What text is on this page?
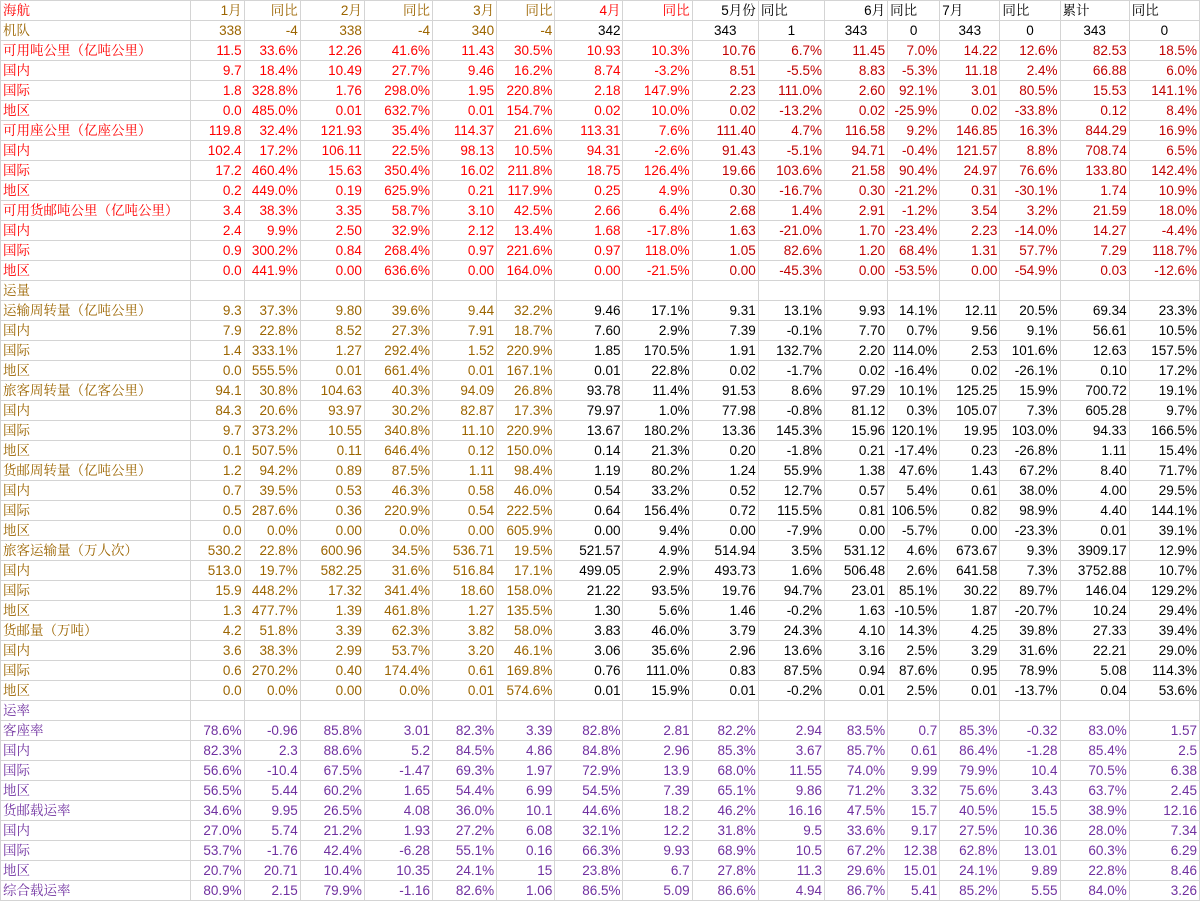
海航	1月	同比	2月	同比	3月	同比	4月	同比	5月份	同比	6月	同比	7月	同比	累计	同比
机队	338	-4	338	-4	340	-4	342		343	1	343	0	343	0	343	0
可用吨公里（亿吨公里）	11.5	33.6%	12.26	41.6%	11.43	30.5%	10.93	10.3%	10.76	6.7%	11.45	7.0%	14.22	12.6%	82.53	18.5%
国内	9.7	18.4%	10.49	27.7%	9.46	16.2%	8.74	-3.2%	8.51	-5.5%	8.83	-5.3%	11.18	2.4%	66.88	6.0%
国际	1.8	328.8%	1.76	298.0%	1.95	220.8%	2.18	147.9%	2.23	111.0%	2.60	92.1%	3.01	80.5%	15.53	141.1%
地区	0.0	485.0%	0.01	632.7%	0.01	154.7%	0.02	10.0%	0.02	-13.2%	0.02	-25.9%	0.02	-33.8%	0.12	8.4%
可用座公里（亿座公里）	119.8	32.4%	121.93	35.4%	114.37	21.6%	113.31	7.6%	111.40	4.7%	116.58	9.2%	146.85	16.3%	844.29	16.9%
国内	102.4	17.2%	106.11	22.5%	98.13	10.5%	94.31	-2.6%	91.43	-5.1%	94.71	-0.4%	121.57	8.8%	708.74	6.5%
国际	17.2	460.4%	15.63	350.4%	16.02	211.8%	18.75	126.4%	19.66	103.6%	21.58	90.4%	24.97	76.6%	133.80	142.4%
地区	0.2	449.0%	0.19	625.9%	0.21	117.9%	0.25	4.9%	0.30	-16.7%	0.30	-21.2%	0.31	-30.1%	1.74	10.9%
可用货邮吨公里（亿吨公里）	3.4	38.3%	3.35	58.7%	3.10	42.5%	2.66	6.4%	2.68	1.4%	2.91	-1.2%	3.54	3.2%	21.59	18.0%
国内	2.4	9.9%	2.50	32.9%	2.12	13.4%	1.68	-17.8%	1.63	-21.0%	1.70	-23.4%	2.23	-14.0%	14.27	-4.4%
国际	0.9	300.2%	0.84	268.4%	0.97	221.6%	0.97	118.0%	1.05	82.6%	1.20	68.4%	1.31	57.7%	7.29	118.7%
地区	0.0	441.9%	0.00	636.6%	0.00	164.0%	0.00	-21.5%	0.00	-45.3%	0.00	-53.5%	0.00	-54.9%	0.03	-12.6%
运量																
运输周转量（亿吨公里）	9.3	37.3%	9.80	39.6%	9.44	32.2%	9.46	17.1%	9.31	13.1%	9.93	14.1%	12.11	20.5%	69.34	23.3%
国内	7.9	22.8%	8.52	27.3%	7.91	18.7%	7.60	2.9%	7.39	-0.1%	7.70	0.7%	9.56	9.1%	56.61	10.5%
国际	1.4	333.1%	1.27	292.4%	1.52	220.9%	1.85	170.5%	1.91	132.7%	2.20	114.0%	2.53	101.6%	12.63	157.5%
地区	0.0	555.5%	0.01	661.4%	0.01	167.1%	0.01	22.8%	0.02	-1.7%	0.02	-16.4%	0.02	-26.1%	0.10	17.2%
旅客周转量（亿客公里）	94.1	30.8%	104.63	40.3%	94.09	26.8%	93.78	11.4%	91.53	8.6%	97.29	10.1%	125.25	15.9%	700.72	19.1%
国内	84.3	20.6%	93.97	30.2%	82.87	17.3%	79.97	1.0%	77.98	-0.8%	81.12	0.3%	105.07	7.3%	605.28	9.7%
国际	9.7	373.2%	10.55	340.8%	11.10	220.9%	13.67	180.2%	13.36	145.3%	15.96	120.1%	19.95	103.0%	94.33	166.5%
地区	0.1	507.5%	0.11	646.4%	0.12	150.0%	0.14	21.3%	0.20	-1.8%	0.21	-17.4%	0.23	-26.8%	1.11	15.4%
货邮周转量（亿吨公里）	1.2	94.2%	0.89	87.5%	1.11	98.4%	1.19	80.2%	1.24	55.9%	1.38	47.6%	1.43	67.2%	8.40	71.7%
国内	0.7	39.5%	0.53	46.3%	0.58	46.0%	0.54	33.2%	0.52	12.7%	0.57	5.4%	0.61	38.0%	4.00	29.5%
国际	0.5	287.6%	0.36	220.9%	0.54	222.5%	0.64	156.4%	0.72	115.5%	0.81	106.5%	0.82	98.9%	4.40	144.1%
地区	0.0	0.0%	0.00	0.0%	0.00	605.9%	0.00	9.4%	0.00	-7.9%	0.00	-5.7%	0.00	-23.3%	0.01	39.1%
旅客运输量（万人次）	530.2	22.8%	600.96	34.5%	536.71	19.5%	521.57	4.9%	514.94	3.5%	531.12	4.6%	673.67	9.3%	3909.17	12.9%
国内	513.0	19.7%	582.25	31.6%	516.84	17.1%	499.05	2.9%	493.73	1.6%	506.48	2.6%	641.58	7.3%	3752.88	10.7%
国际	15.9	448.2%	17.32	341.4%	18.60	158.0%	21.22	93.5%	19.76	94.7%	23.01	85.1%	30.22	89.7%	146.04	129.2%
地区	1.3	477.7%	1.39	461.8%	1.27	135.5%	1.30	5.6%	1.46	-0.2%	1.63	-10.5%	1.87	-20.7%	10.24	29.4%
货邮量（万吨）	4.2	51.8%	3.39	62.3%	3.82	58.0%	3.83	46.0%	3.79	24.3%	4.10	14.3%	4.25	39.8%	27.33	39.4%
国内	3.6	38.3%	2.99	53.7%	3.20	46.1%	3.06	35.6%	2.96	13.6%	3.16	2.5%	3.29	31.6%	22.21	29.0%
国际	0.6	270.2%	0.40	174.4%	0.61	169.8%	0.76	111.0%	0.83	87.5%	0.94	87.6%	0.95	78.9%	5.08	114.3%
地区	0.0	0.0%	0.00	0.0%	0.01	574.6%	0.01	15.9%	0.01	-0.2%	0.01	2.5%	0.01	-13.7%	0.04	53.6%
运率																
客座率	78.6%	-0.96	85.8%	3.01	82.3%	3.39	82.8%	2.81	82.2%	2.94	83.5%	0.7	85.3%	-0.32	83.0%	1.57
国内	82.3%	2.3	88.6%	5.2	84.5%	4.86	84.8%	2.96	85.3%	3.67	85.7%	0.61	86.4%	-1.28	85.4%	2.5
国际	56.6%	-10.4	67.5%	-1.47	69.3%	1.97	72.9%	13.9	68.0%	11.55	74.0%	9.99	79.9%	10.4	70.5%	6.38
地区	56.5%	5.44	60.2%	1.65	54.4%	6.99	54.5%	7.39	65.1%	9.86	71.2%	3.32	75.6%	3.43	63.7%	2.45
货邮载运率	34.6%	9.95	26.5%	4.08	36.0%	10.1	44.6%	18.2	46.2%	16.16	47.5%	15.7	40.5%	15.5	38.9%	12.16
国内	27.0%	5.74	21.2%	1.93	27.2%	6.08	32.1%	12.2	31.8%	9.5	33.6%	9.17	27.5%	10.36	28.0%	7.34
国际	53.7%	-1.76	42.4%	-6.28	55.1%	0.16	66.3%	9.93	68.9%	10.5	67.2%	12.38	62.8%	13.01	60.3%	6.29
地区	20.7%	20.71	10.4%	10.35	24.1%	15	23.8%	6.7	27.8%	11.3	29.6%	15.01	24.1%	9.89	22.8%	8.46
综合载运率	80.9%	2.15	79.9%	-1.16	82.6%	1.06	86.5%	5.09	86.6%	4.94	86.7%	5.41	85.2%	5.55	84.0%	3.26
